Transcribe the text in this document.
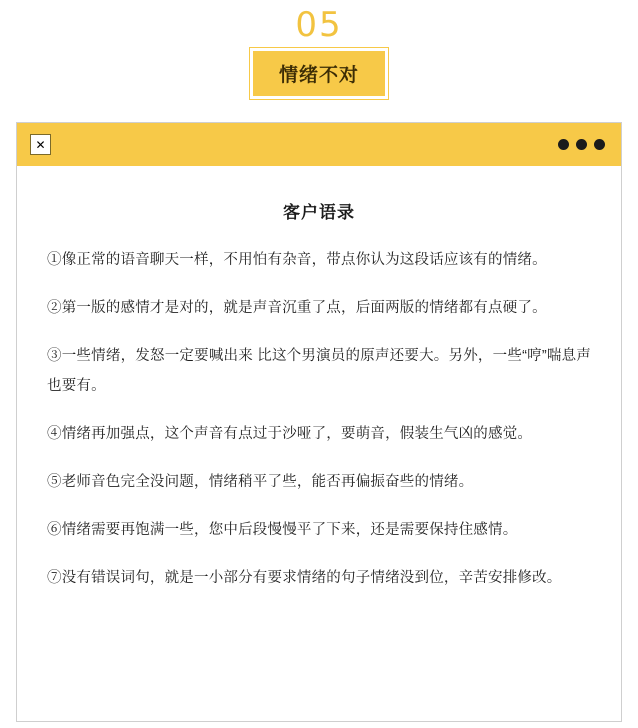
05
情绪不对
✕
客户语录

①像正常的语音聊天一样，不用怕有杂音，带点你认为这段话应该有的情绪。

②第一版的感情才是对的，就是声音沉重了点，后面两版的情绪都有点硬了。

③一些情绪，发怒一定要喊出来 比这个男演员的原声还要大。另外，一些“哼”喘息声也要有。

④情绪再加强点，这个声音有点过于沙哑了，要萌音，假装生气凶的感觉。

⑤老师音色完全没问题，情绪稍平了些，能否再偏振奋些的情绪。

⑥情绪需要再饱满一些，您中后段慢慢平了下来，还是需要保持住感情。

⑦没有错误词句，就是一小部分有要求情绪的句子情绪没到位，辛苦安排修改。
